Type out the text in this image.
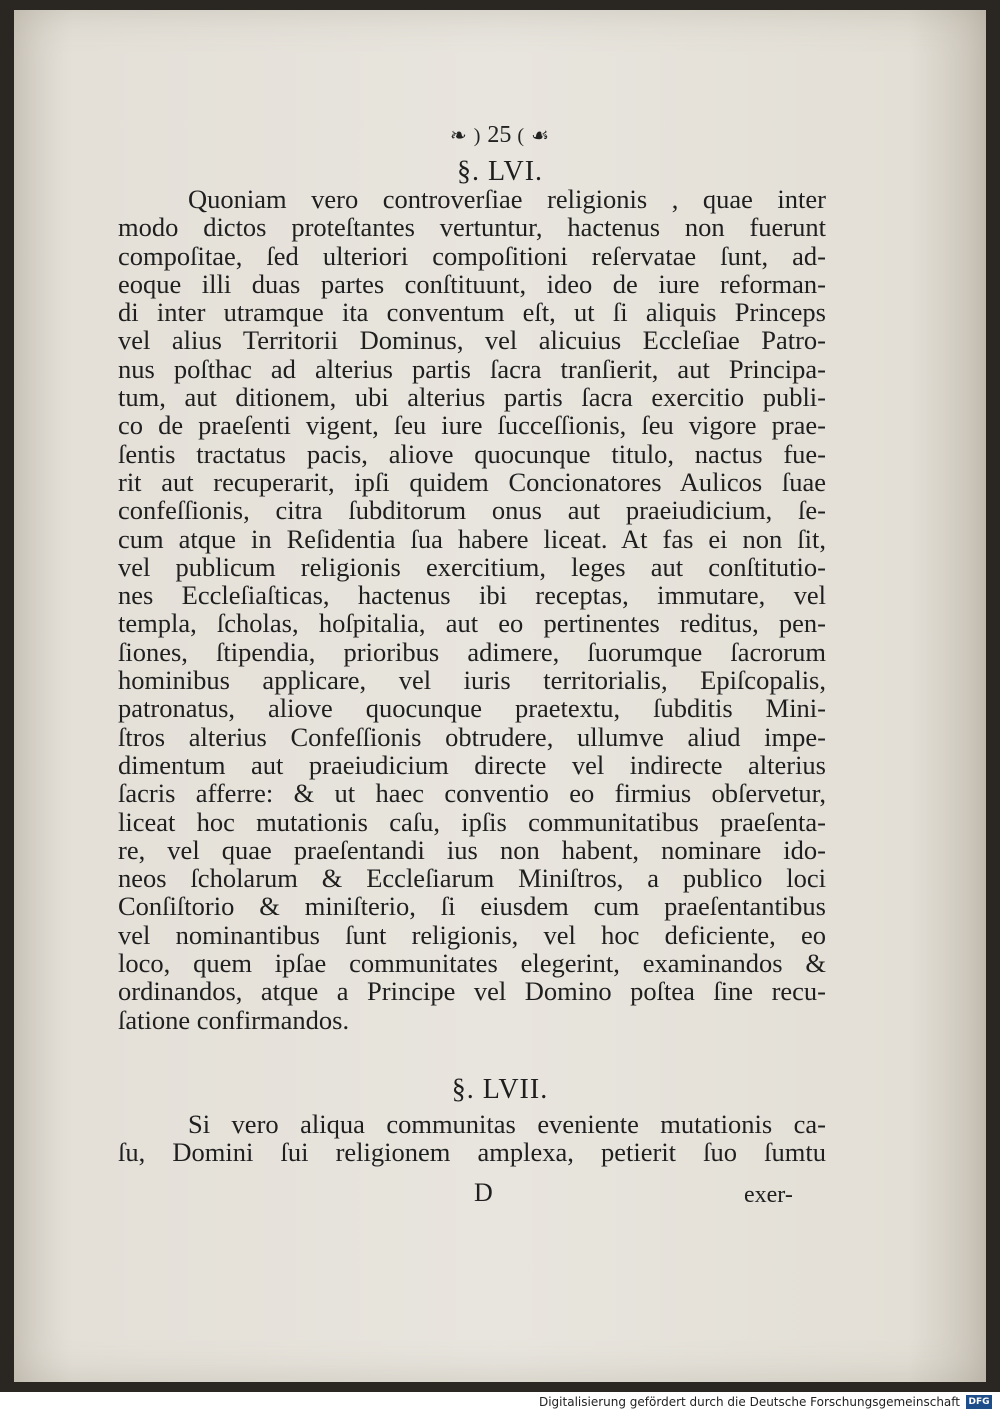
❧ ) 25 ( ☙
§. LVI.
Quoniam vero controverſiae religionis , quae inter
modo dictos proteſtantes vertuntur, hactenus non fuerunt
compoſitae, ſed ulteriori compoſitioni reſervatae ſunt, ad-
eoque illi duas partes conſtituunt, ideo de iure reforman-
di inter utramque ita conventum eſt, ut ſi aliquis Princeps
vel alius Territorii Dominus, vel alicuius Eccleſiae Patro-
nus poſthac ad alterius partis ſacra tranſierit, aut Principa-
tum, aut ditionem, ubi alterius partis ſacra exercitio publi-
co de praeſenti vigent, ſeu iure ſucceſſionis, ſeu vigore prae-
ſentis tractatus pacis, aliove quocunque titulo, nactus fue-
rit aut recuperarit, ipſi quidem Concionatores Aulicos ſuae
confeſſionis, citra ſubditorum onus aut praeiudicium, ſe-
cum atque in Reſidentia ſua habere liceat. At fas ei non ſit,
vel publicum religionis exercitium, leges aut conſtitutio-
nes Eccleſiaſticas, hactenus ibi receptas, immutare, vel
templa, ſcholas, hoſpitalia, aut eo pertinentes reditus, pen-
ſiones, ſtipendia, prioribus adimere, ſuorumque ſacrorum
hominibus applicare, vel iuris territorialis, Epiſcopalis,
patronatus, aliove quocunque praetextu, ſubditis Mini-
ſtros alterius Confeſſionis obtrudere, ullumve aliud impe-
dimentum aut praeiudicium directe vel indirecte alterius
ſacris afferre: & ut haec conventio eo firmius obſervetur,
liceat hoc mutationis caſu, ipſis communitatibus praeſenta-
re, vel quae praeſentandi ius non habent, nominare ido-
neos ſcholarum & Eccleſiarum Miniſtros, a publico loci
Conſiſtorio & miniſterio, ſi eiusdem cum praeſentantibus
vel nominantibus ſunt religionis, vel hoc deficiente, eo
loco, quem ipſae communitates elegerint, examinandos &
ordinandos, atque a Principe vel Domino poſtea ſine recu-
ſatione confirmandos.
§. LVII.
Si vero aliqua communitas eveniente mutationis ca-
ſu, Domini ſui religionem amplexa, petierit ſuo ſumtu
D	exer-
Digitalisierung gefördert durch die Deutsche Forschungsgemeinschaft DFG
